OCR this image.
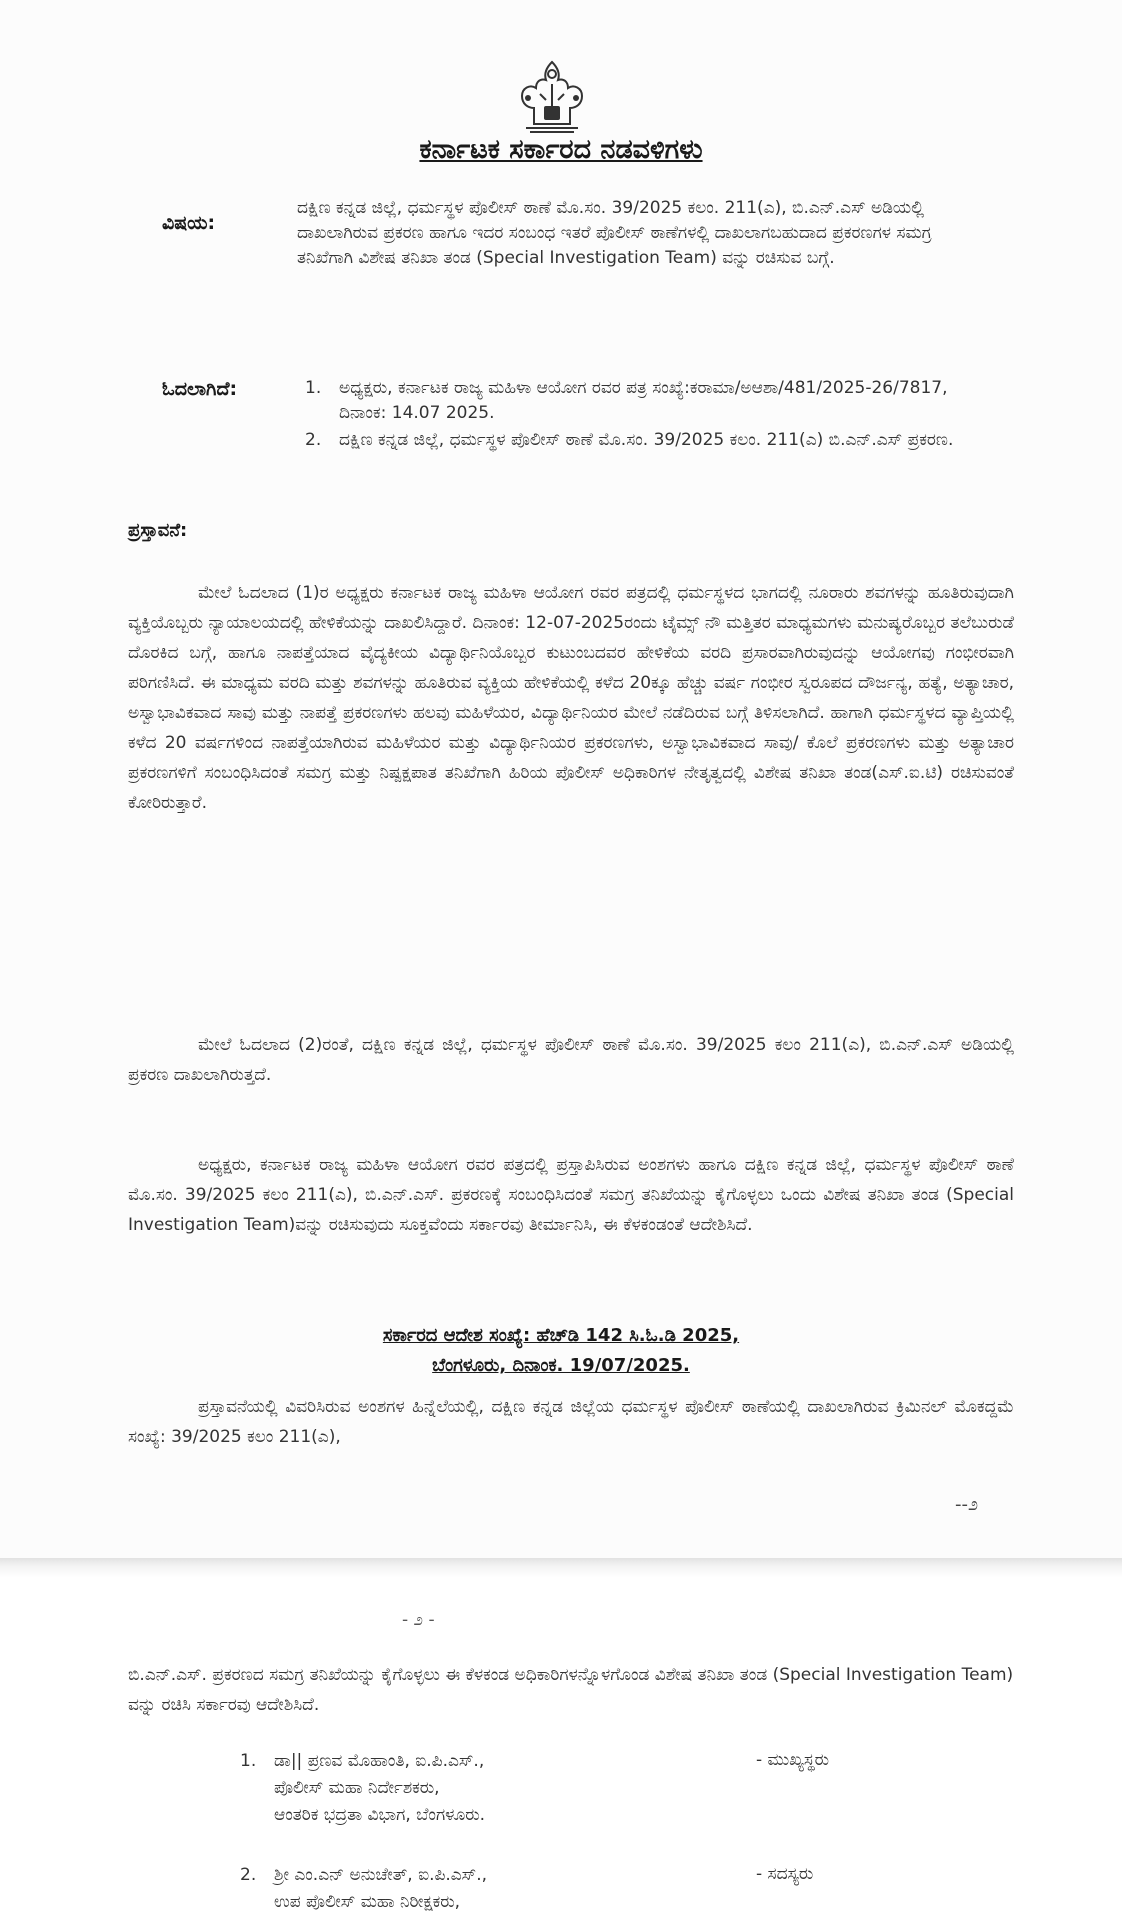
ಕರ್ನಾಟಕ ಸರ್ಕಾರದ ನಡವಳಿಗಳು
ವಿಷಯ:
ದಕ್ಷಿಣ ಕನ್ನಡ ಜಿಲ್ಲೆ, ಧರ್ಮಸ್ಥಳ ಪೊಲೀಸ್ ಠಾಣೆ ಮೊ.ಸಂ. 39/2025 ಕಲಂ. 211(ಎ), ಬಿ.ಎನ್.ಎಸ್ ಅಡಿಯಲ್ಲಿ ದಾಖಲಾಗಿರುವ ಪ್ರಕರಣ ಹಾಗೂ ಇದರ ಸಂಬಂಧ ಇತರೆ ಪೊಲೀಸ್ ಠಾಣೆಗಳಲ್ಲಿ ದಾಖಲಾಗಬಹುದಾದ ಪ್ರಕರಣಗಳ ಸಮಗ್ರ ತನಿಖೆಗಾಗಿ ವಿಶೇಷ ತನಿಖಾ ತಂಡ (Special Investigation Team) ವನ್ನು ರಚಿಸುವ ಬಗ್ಗೆ.
ಓದಲಾಗಿದೆ:	1.	ಅಧ್ಯಕ್ಷರು, ಕರ್ನಾಟಕ ರಾಜ್ಯ ಮಹಿಳಾ ಆಯೋಗ ರವರ ಪತ್ರ ಸಂಖ್ಯೆ:ಕರಾಮಾ/ಅಆಶಾ/481/2025-26/7817, ದಿನಾಂಕ: 14.07 2025.
2.	ದಕ್ಷಿಣ ಕನ್ನಡ ಜಿಲ್ಲೆ, ಧರ್ಮಸ್ಥಳ ಪೊಲೀಸ್ ಠಾಣೆ ಮೊ.ಸಂ. 39/2025 ಕಲಂ. 211(ಎ) ಬಿ.ಎನ್.ಎಸ್ ಪ್ರಕರಣ.
ಪ್ರಸ್ತಾವನೆ:
ಮೇಲೆ ಓದಲಾದ (1)ರ ಅಧ್ಯಕ್ಷರು ಕರ್ನಾಟಕ ರಾಜ್ಯ ಮಹಿಳಾ ಆಯೋಗ ರವರ ಪತ್ರದಲ್ಲಿ ಧರ್ಮಸ್ಥಳದ ಭಾಗದಲ್ಲಿ ನೂರಾರು ಶವಗಳನ್ನು ಹೂತಿರುವುದಾಗಿ ವ್ಯಕ್ತಿಯೊಬ್ಬರು ನ್ಯಾಯಾಲಯದಲ್ಲಿ ಹೇಳಿಕೆಯನ್ನು ದಾಖಲಿಸಿದ್ದಾರೆ. ದಿನಾಂಕ: 12-07-2025ರಂದು ಟೈಮ್ಸ್ ನೌ ಮತ್ತಿತರ ಮಾಧ್ಯಮಗಳು ಮನುಷ್ಯರೊಬ್ಬರ ತಲೆಬುರುಡೆ ದೊರಕಿದ ಬಗ್ಗೆ, ಹಾಗೂ ನಾಪತ್ತೆಯಾದ ವೈದ್ಯಕೀಯ ವಿದ್ಯಾರ್ಥಿನಿಯೊಬ್ಬರ ಕುಟುಂಬದವರ ಹೇಳಿಕೆಯ ವರದಿ ಪ್ರಸಾರವಾಗಿರುವುದನ್ನು ಆಯೋಗವು ಗಂಭೀರವಾಗಿ ಪರಿಗಣಿಸಿದೆ. ಈ ಮಾಧ್ಯಮ ವರದಿ ಮತ್ತು ಶವಗಳನ್ನು ಹೂತಿರುವ ವ್ಯಕ್ತಿಯ ಹೇಳಿಕೆಯಲ್ಲಿ ಕಳೆದ 20ಕ್ಕೂ ಹೆಚ್ಚು ವರ್ಷ ಗಂಭೀರ ಸ್ವರೂಪದ ದೌರ್ಜನ್ಯ, ಹತ್ಯೆ, ಅತ್ಯಾಚಾರ, ಅಸ್ವಾಭಾವಿಕವಾದ ಸಾವು ಮತ್ತು ನಾಪತ್ತೆ ಪ್ರಕರಣಗಳು ಹಲವು ಮಹಿಳೆಯರ, ವಿದ್ಯಾರ್ಥಿನಿಯರ ಮೇಲೆ ನಡೆದಿರುವ ಬಗ್ಗೆ ತಿಳಿಸಲಾಗಿದೆ. ಹಾಗಾಗಿ ಧರ್ಮಸ್ಥಳದ ವ್ಯಾಪ್ತಿಯಲ್ಲಿ ಕಳೆದ 20 ವರ್ಷಗಳಿಂದ ನಾಪತ್ತೆಯಾಗಿರುವ ಮಹಿಳೆಯರ ಮತ್ತು ವಿದ್ಯಾರ್ಥಿನಿಯರ ಪ್ರಕರಣಗಳು, ಅಸ್ವಾಭಾವಿಕವಾದ ಸಾವು/ ಕೊಲೆ ಪ್ರಕರಣಗಳು ಮತ್ತು ಅತ್ಯಾಚಾರ ಪ್ರಕರಣಗಳಿಗೆ ಸಂಬಂಧಿಸಿದಂತೆ ಸಮಗ್ರ ಮತ್ತು ನಿಷ್ಪಕ್ಷಪಾತ ತನಿಖೆಗಾಗಿ ಹಿರಿಯ ಪೊಲೀಸ್ ಅಧಿಕಾರಿಗಳ ನೇತೃತ್ವದಲ್ಲಿ ವಿಶೇಷ ತನಿಖಾ ತಂಡ(ಎಸ್.ಐ.ಟಿ) ರಚಿಸುವಂತೆ ಕೋರಿರುತ್ತಾರೆ.
ಮೇಲೆ ಓದಲಾದ (2)ರಂತೆ, ದಕ್ಷಿಣ ಕನ್ನಡ ಜಿಲ್ಲೆ, ಧರ್ಮಸ್ಥಳ ಪೊಲೀಸ್ ಠಾಣೆ ಮೊ.ಸಂ. 39/2025 ಕಲಂ 211(ಎ), ಬಿ.ಎನ್.ಎಸ್ ಅಡಿಯಲ್ಲಿ ಪ್ರಕರಣ ದಾಖಲಾಗಿರುತ್ತದೆ.
ಅಧ್ಯಕ್ಷರು, ಕರ್ನಾಟಕ ರಾಜ್ಯ ಮಹಿಳಾ ಆಯೋಗ ರವರ ಪತ್ರದಲ್ಲಿ ಪ್ರಸ್ತಾಪಿಸಿರುವ ಅಂಶಗಳು ಹಾಗೂ ದಕ್ಷಿಣ ಕನ್ನಡ ಜಿಲ್ಲೆ, ಧರ್ಮಸ್ಥಳ ಪೊಲೀಸ್ ಠಾಣೆ ಮೊ.ಸಂ. 39/2025 ಕಲಂ 211(ಎ), ಬಿ.ಎನ್.ಎಸ್. ಪ್ರಕರಣಕ್ಕೆ ಸಂಬಂಧಿಸಿದಂತೆ ಸಮಗ್ರ ತನಿಖೆಯನ್ನು ಕೈಗೊಳ್ಳಲು ಒಂದು ವಿಶೇಷ ತನಿಖಾ ತಂಡ (Special Investigation Team)ವನ್ನು ರಚಿಸುವುದು ಸೂಕ್ತವೆಂದು ಸರ್ಕಾರವು ತೀರ್ಮಾನಿಸಿ, ಈ ಕೆಳಕಂಡಂತೆ ಆದೇಶಿಸಿದೆ.
ಸರ್ಕಾರದ ಆದೇಶ ಸಂಖ್ಯೆ: ಹೆಚ್‌ಡಿ 142 ಸಿ.ಓ.ಡಿ 2025,
ಬೆಂಗಳೂರು, ದಿನಾಂಕ. 19/07/2025.
ಪ್ರಸ್ತಾವನೆಯಲ್ಲಿ ವಿವರಿಸಿರುವ ಅಂಶಗಳ ಹಿನ್ನೆಲೆಯಲ್ಲಿ, ದಕ್ಷಿಣ ಕನ್ನಡ ಜಿಲ್ಲೆಯ ಧರ್ಮಸ್ಥಳ ಪೊಲೀಸ್ ಠಾಣೆಯಲ್ಲಿ ದಾಖಲಾಗಿರುವ ಕ್ರಿಮಿನಲ್ ಮೊಕದ್ದಮೆ ಸಂಖ್ಯೆ: 39/2025 ಕಲಂ 211(ಎ),
--೨
- ೨ -
ಬಿ.ಎನ್.ಎಸ್. ಪ್ರಕರಣದ ಸಮಗ್ರ ತನಿಖೆಯನ್ನು ಕೈಗೊಳ್ಳಲು ಈ ಕೆಳಕಂಡ ಅಧಿಕಾರಿಗಳನ್ನೊಳಗೊಂಡ ವಿಶೇಷ ತನಿಖಾ ತಂಡ (Special Investigation Team) ವನ್ನು ರಚಿಸಿ ಸರ್ಕಾರವು ಆದೇಶಿಸಿದೆ.
1.	ಡಾ|| ಪ್ರಣವ ಮೊಹಾಂತಿ, ಐ.ಪಿ.ಎಸ್.,
ಪೊಲೀಸ್ ಮಹಾ ನಿರ್ದೇಶಕರು,
ಆಂತರಿಕ ಭದ್ರತಾ ವಿಭಾಗ, ಬೆಂಗಳೂರು.
- ಮುಖ್ಯಸ್ಥರು
2.	ಶ್ರೀ ಎಂ.ಎನ್ ಅನುಚೇತ್, ಐ.ಪಿ.ಎಸ್.,
ಉಪ ಪೊಲೀಸ್ ಮಹಾ ನಿರೀಕ್ಷಕರು,
- ಸದಸ್ಯರು
